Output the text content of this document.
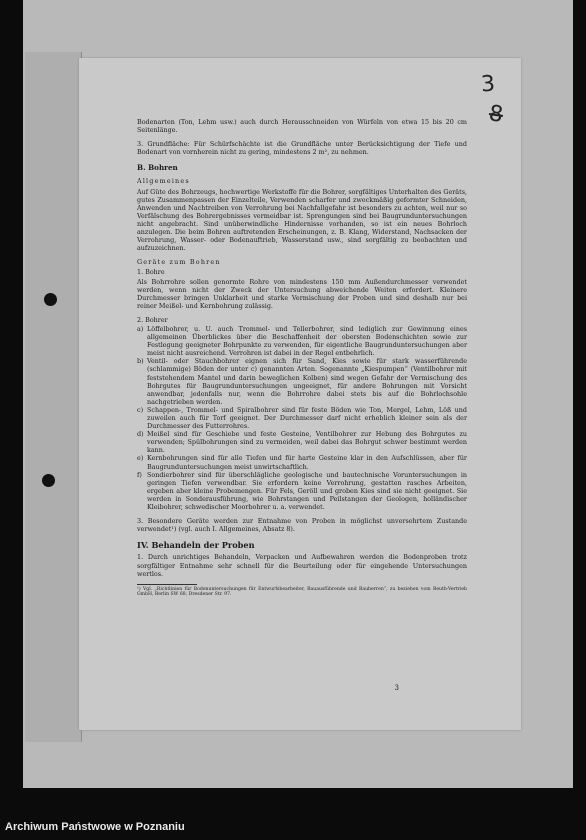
3
8

Bodenarten (Ton, Lehm usw.) auch durch Herausschneiden von Würfeln von etwa 15 bis 20 cm Seitenlänge.

3. Grundfläche: Für Schürfschächte ist die Grundfläche unter Berücksichtigung der Tiefe und Bodenart von vornherein nicht zu gering, mindestens 2 m², zu nehmen.

B. Bohren

Allgemeines

Auf Güte des Bohrzeugs, hochwertige Werkstoffe für die Bohrer, sorgfältiges Unterhalten des Geräts, gutes Zusammenpassen der Einzelteile, Verwenden scharfer und zweckmäßig geformter Schneiden, Anwenden und Nachtreiben von Verrohrung bei Nachfallgefahr ist besonders zu achten, weil nur so Verfälschung des Bohrergebnisses vermeidbar ist. Sprengungen sind bei Baugrunduntersuchungen nicht angebracht. Sind unüberwindliche Hindernisse vorhanden, so ist ein neues Bohrloch anzulegen. Die beim Bohren auftretenden Erscheinungen, z. B. Klang, Widerstand, Nachsacken der Verrohrung, Wasser- oder Bodenauftrieb, Wasserstand usw., sind sorgfältig zu beobachten und aufzuzeichnen.

Geräte zum Bohren

1. Bohre

Als Bohrrohre sollen genormte Rohre von mindestens 150 mm Außendurchmesser verwendet werden, wenn nicht der Zweck der Untersuchung abweichende Weiten erfordert. Kleinere Durchmesser bringen Unklarheit und starke Vermischung der Proben und sind deshalb nur bei reiner Meißel- und Kernbohrung zulässig.

2. Bohrer

a) Löffelbohrer, u. U. auch Trommel- und Tellerbohrer, sind lediglich zur Gewinnung eines allgemeinen Überblickes über die Beschaffenheit der obersten Bodenschichten sowie zur Festlegung geeigneter Bohrpunkte zu verwenden, für eigentliche Baugrunduntersuchungen aber meist nicht ausreichend. Verrohren ist dabei in der Regel entbehrlich.
b) Ventil- oder Stauchbohrer eignen sich für Sand, Kies sowie für stark wasserführende (schlammige) Böden der unter c) genannten Arten. Sogenannte „Kiespumpen“ (Ventilbohrer mit feststehendem Mantel und darin beweglichen Kolben) sind wegen Gefahr der Vermischung des Bohrgutes für Baugrunduntersuchungen ungeeignet, für andere Bohrungen mit Vorsicht anwendbar, jedenfalls nur, wenn die Bohrrohre dabei stets bis auf die Bohrlochsohle nachgetrieben werden.
c) Schappen-, Trommel- und Spiralbohrer sind für feste Böden wie Ton, Mergel, Lehm, Löß und zuweilen auch für Torf geeignet. Der Durchmesser darf nicht erheblich kleiner sein als der Durchmesser des Futterrohres.
d) Meißel sind für Geschiebe und feste Gesteine, Ventilbohrer zur Hebung des Bohrgutes zu verwenden; Spülbohrungen sind zu vermeiden, weil dabei das Bohrgut schwer bestimmt werden kann.
e) Kernbohrungen sind für alle Tiefen und für harte Gesteine klar in den Aufschlüssen, aber für Baugrunduntersuchungen meist unwirtschaftlich.
f) Sondierbohrer sind für überschlägliche geologische und bautechnische Voruntersuchungen in geringen Tiefen verwendbar. Sie erfordern keine Verrohrung, gestatten rasches Arbeiten, ergeben aber kleine Probemengen. Für Fels, Geröll und groben Kies sind sie nicht geeignet. Sie werden in Sonderausführung, wie Bohrstangen und Peilstangen der Geologen, holländischer Kleibohrer, schwedischer Moorbohrer u. a. verwendet.

3. Besondere Geräte werden zur Entnahme von Proben in möglichst unversehrtem Zustande verwendet¹) (vgl. auch I. Allgemeines, Absatz 8).

IV. Behandeln der Proben

1. Durch unrichtiges Behandeln, Verpacken und Aufbewahren werden die Bodenproben trotz sorgfältiger Entnahme sehr schnell für die Beurteilung oder für eingehende Untersuchungen wertlos.

¹) Vgl. „Richtlinien für Bodenuntersuchungen für Entwurfsbearbeiter, Bauausführende und Bauherren“, zu beziehen vom Beuth-Vertrieb GmbH, Berlin SW 68, Dresdener Str. 97.

3
Archiwum Państwowe w Poznaniu
